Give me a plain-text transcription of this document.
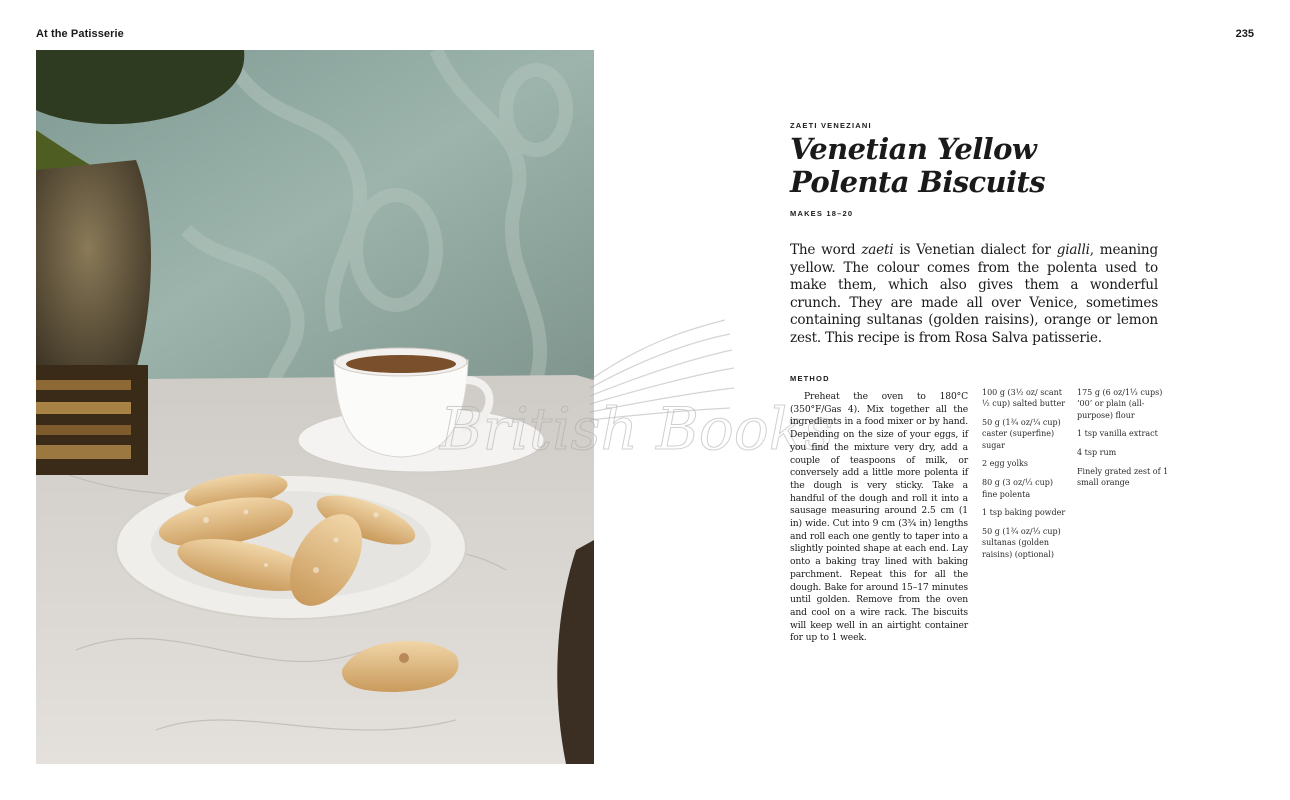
At the Patisserie	235
British Books
ZAETI VENEZIANI
Venetian Yellow
Polenta Biscuits
MAKES 18–20

The word zaeti is Venetian dialect for gialli, meaning yellow. The colour comes from the polenta used to make them, which also gives them a wonderful crunch. They are made all over Venice, sometimes containing sultanas (golden raisins), orange or lemon zest. This recipe is from Rosa Salva patisserie.

METHOD

Preheat the oven to 180°C (350°F/Gas 4). Mix together all the ingredients in a food mixer or by hand. Depending on the size of your eggs, if you find the mixture very dry, add a couple of teaspoons of milk, or conversely add a little more polenta if the dough is very sticky. Take a handful of the dough and roll it into a sausage measuring around 2.5 cm (1 in) wide. Cut into 9 cm (3¾ in) lengths and roll each one gently to taper into a slightly pointed shape at each end. Lay onto a baking tray lined with baking parchment. Repeat this for all the dough. Bake for around 15–17 minutes until golden. Remove from the oven and cool on a wire rack. The biscuits will keep well in an airtight container for up to 1 week.

100 g (3½ oz/ scant ½ cup) salted butter

50 g (1¾ oz/¼ cup) caster (superfine) sugar

2 egg yolks

80 g (3 oz/⅓ cup) fine polenta

1 tsp baking powder

50 g (1¾ oz/⅓ cup) sultanas (golden raisins) (optional)

175 g (6 oz/1⅓ cups) ‘00’ or plain (all-purpose) flour

1 tsp vanilla extract

4 tsp rum

Finely grated zest of 1 small orange
